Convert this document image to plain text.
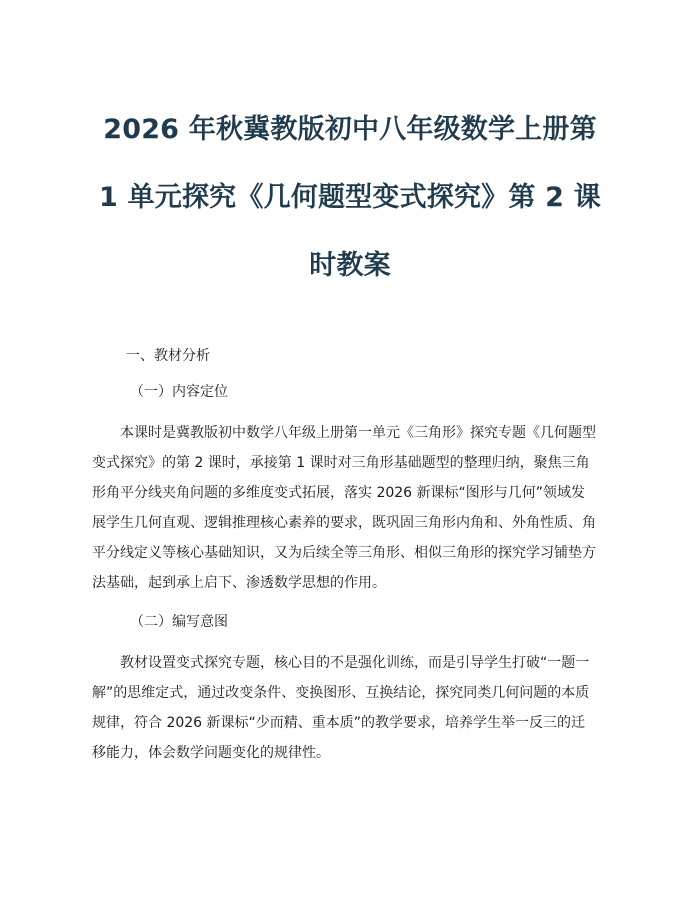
2026 年秋冀教版初中八年级数学上册第
1 单元探究《几何题型变式探究》第 2 课
时教案
一、教材分析
（一）内容定位

本课时是冀教版初中数学八年级上册第一单元《三角形》探究专题《几何题型
变式探究》的第 2 课时，承接第 1 课时对三角形基础题型的整理归纳，聚焦三角
形角平分线夹角问题的多维度变式拓展，落实 2026 新课标“图形与几何”领域发
展学生几何直观、逻辑推理核心素养的要求，既巩固三角形内角和、外角性质、角
平分线定义等核心基础知识，又为后续全等三角形、相似三角形的探究学习铺垫方
法基础，起到承上启下、渗透数学思想的作用。

（二）编写意图

教材设置变式探究专题，核心目的不是强化训练，而是引导学生打破“一题一
解”的思维定式，通过改变条件、变换图形、互换结论，探究同类几何问题的本质
规律，符合 2026 新课标“少而精、重本质”的教学要求，培养学生举一反三的迁
移能力，体会数学问题变化的规律性。
